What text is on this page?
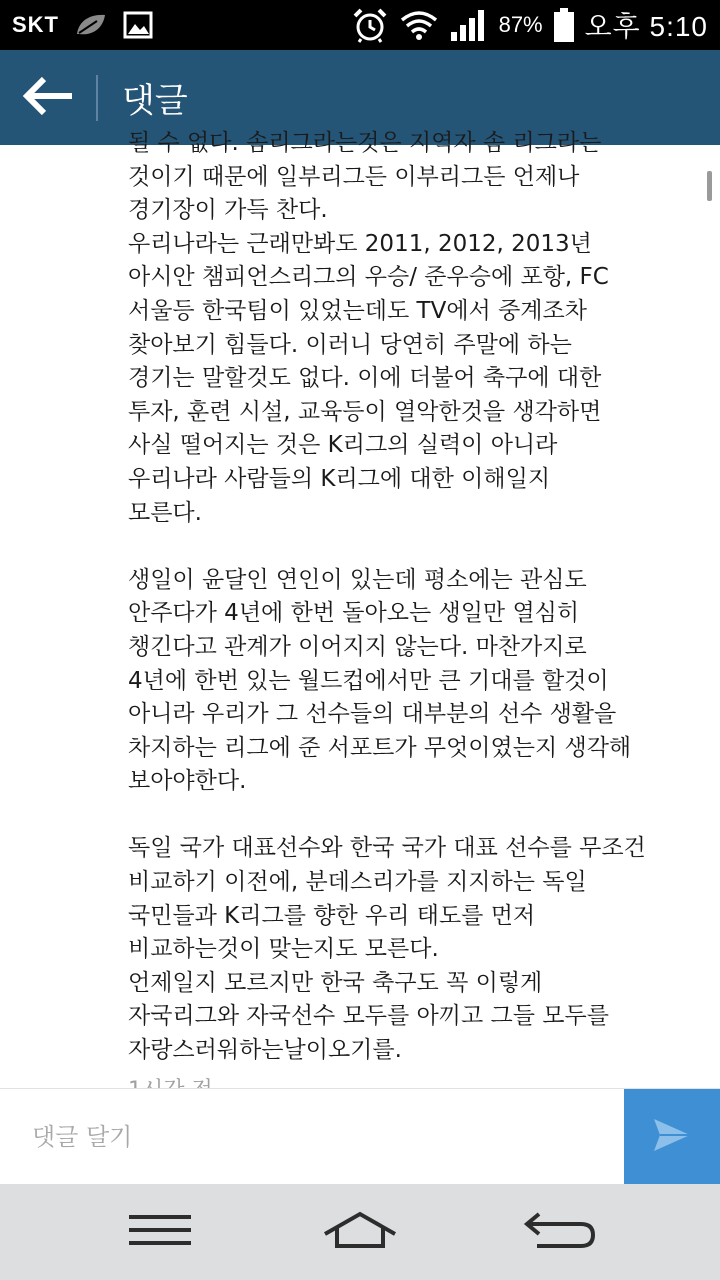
SKT	87% 오후 5:10
댓글
될 수 없다. 솜리그라는것은 지역자 솜 리그라는
것이기 때문에 일부리그든 이부리그든 언제나
경기장이 가득 찬다.
우리나라는 근래만봐도 2011, 2012, 2013년
아시안 챔피언스리그의 우승/ 준우승에 포항, FC
서울등 한국팀이 있었는데도 TV에서 중계조차
찾아보기 힘들다. 이러니 당연히 주말에 하는
경기는 말할것도 없다. 이에 더불어 축구에 대한
투자, 훈련 시설, 교육등이 열악한것을 생각하면
사실 떨어지는 것은 K리그의 실력이 아니라
우리나라 사람들의 K리그에 대한 이해일지
모른다.
생일이 윤달인 연인이 있는데 평소에는 관심도
안주다가 4년에 한번 돌아오는 생일만 열심히
챙긴다고 관계가 이어지지 않는다. 마찬가지로
4년에 한번 있는 월드컵에서만 큰 기대를 할것이
아니라 우리가 그 선수들의 대부분의 선수 생활을
차지하는 리그에 준 서포트가 무엇이였는지 생각해
보아야한다.
독일 국가 대표선수와 한국 국가 대표 선수를 무조건
비교하기 이전에, 분데스리가를 지지하는 독일
국민들과 K리그를 향한 우리 태도를 먼저
비교하는것이 맞는지도 모른다.
언제일지 모르지만 한국 축구도 꼭 이렇게
자국리그와 자국선수 모두를 아끼고 그들 모두를
자랑스러워하는날이오기를.
댓글 달기
